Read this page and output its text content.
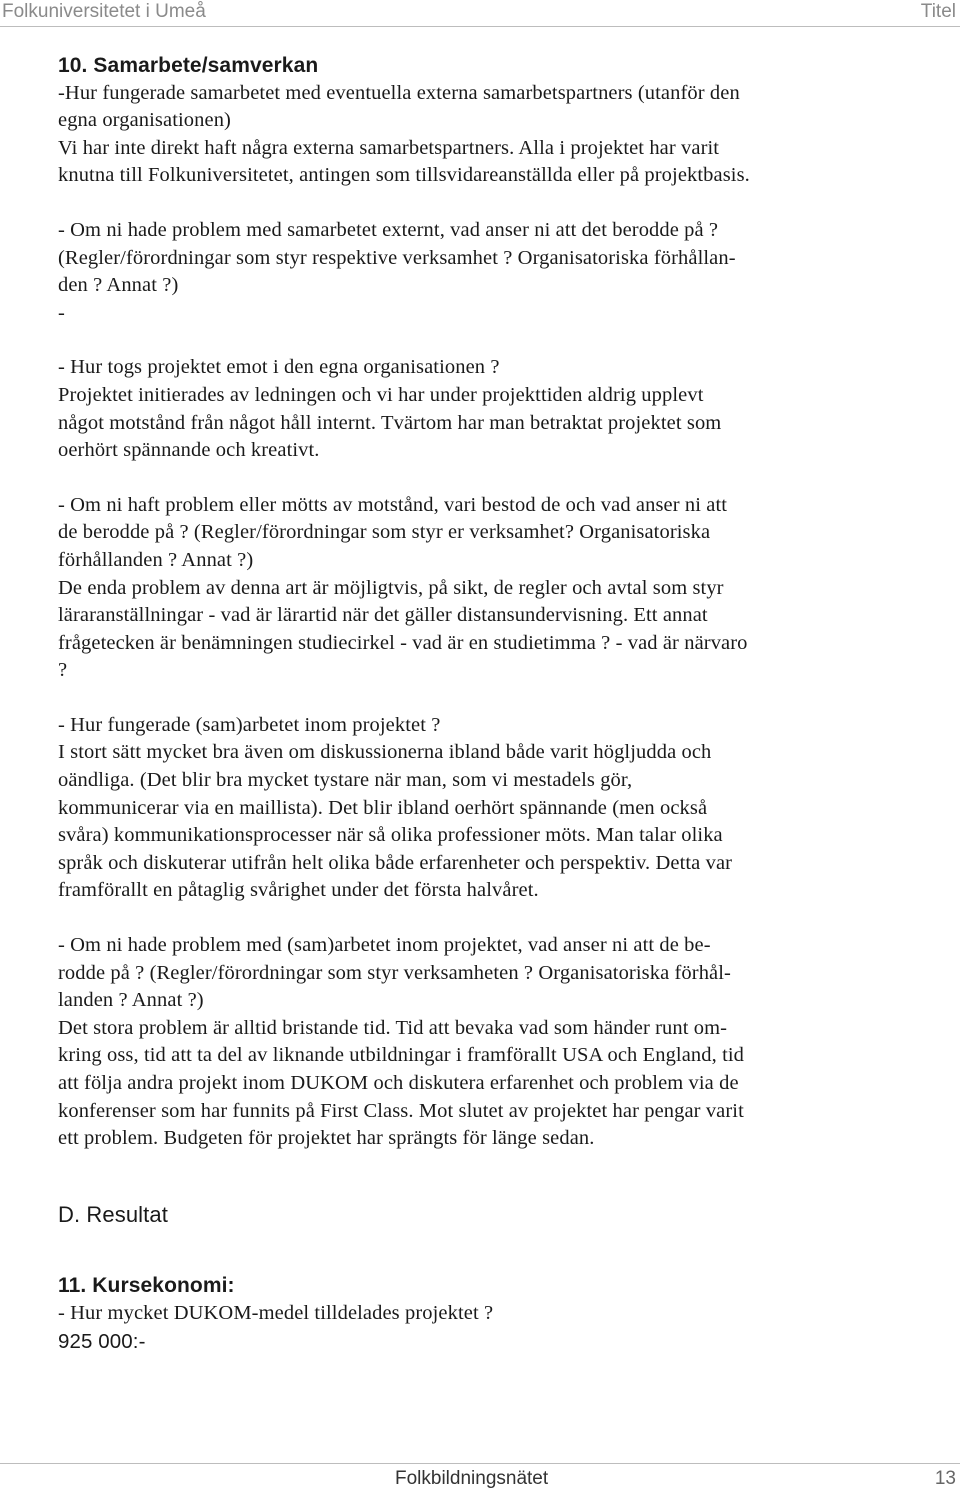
Folkuniversitetet i Umeå	Titel

10. Samarbete/samverkan

-Hur fungerade samarbetet med eventuella externa samarbetspartners (utanför den

egna organisationen)

Vi har inte direkt haft några externa samarbetspartners. Alla i projektet har varit

knutna till Folkuniversitetet, antingen som tillsvidareanställda eller på projektbasis.

- Om ni hade problem med samarbetet externt, vad anser ni att det berodde på ?

(Regler/förordningar som styr respektive verksamhet ? Organisatoriska förhållan-

den ? Annat ?)

-

- Hur togs projektet emot i den egna organisationen ?

Projektet initierades av ledningen och vi har under projekttiden aldrig upplevt

något motstånd från något håll internt. Tvärtom har man betraktat projektet som

oerhört spännande och kreativt.

- Om ni haft problem eller mötts av motstånd, vari bestod de och vad anser ni att

de berodde på ? (Regler/förordningar som styr er verksamhet? Organisatoriska

förhållanden ? Annat ?)

De enda problem av denna art är möjligtvis, på sikt, de regler och avtal som styr

läraranställningar - vad är lärartid när det gäller distansundervisning. Ett annat

frågetecken är benämningen studiecirkel - vad är en studietimma ? - vad är närvaro

?

- Hur fungerade (sam)arbetet inom projektet ?

I stort sätt mycket bra även om diskussionerna ibland både varit högljudda och

oändliga. (Det blir bra mycket tystare när man, som vi mestadels gör,

kommunicerar via en maillista). Det blir ibland oerhört spännande (men också

svåra) kommunikationsprocesser när så olika professioner möts. Man talar olika

språk och diskuterar utifrån helt olika både erfarenheter och perspektiv. Detta var

framförallt en påtaglig svårighet under det första halvåret.

- Om ni hade problem med (sam)arbetet inom projektet, vad anser ni att de be-

rodde på ? (Regler/förordningar som styr verksamheten ? Organisatoriska förhål-

landen ? Annat ?)

Det stora problem är alltid bristande tid. Tid att bevaka vad som händer runt om-

kring oss, tid att ta del av liknande utbildningar i framförallt USA och England, tid

att följa andra projekt inom DUKOM och diskutera erfarenhet och problem via de

konferenser som har funnits på First Class. Mot slutet av projektet har pengar varit

ett problem. Budgeten för projektet har sprängts för länge sedan.

D. Resultat

11. Kursekonomi:

- Hur mycket DUKOM-medel tilldelades projektet ?

925 000:-

Folkbildningsnätet	13
